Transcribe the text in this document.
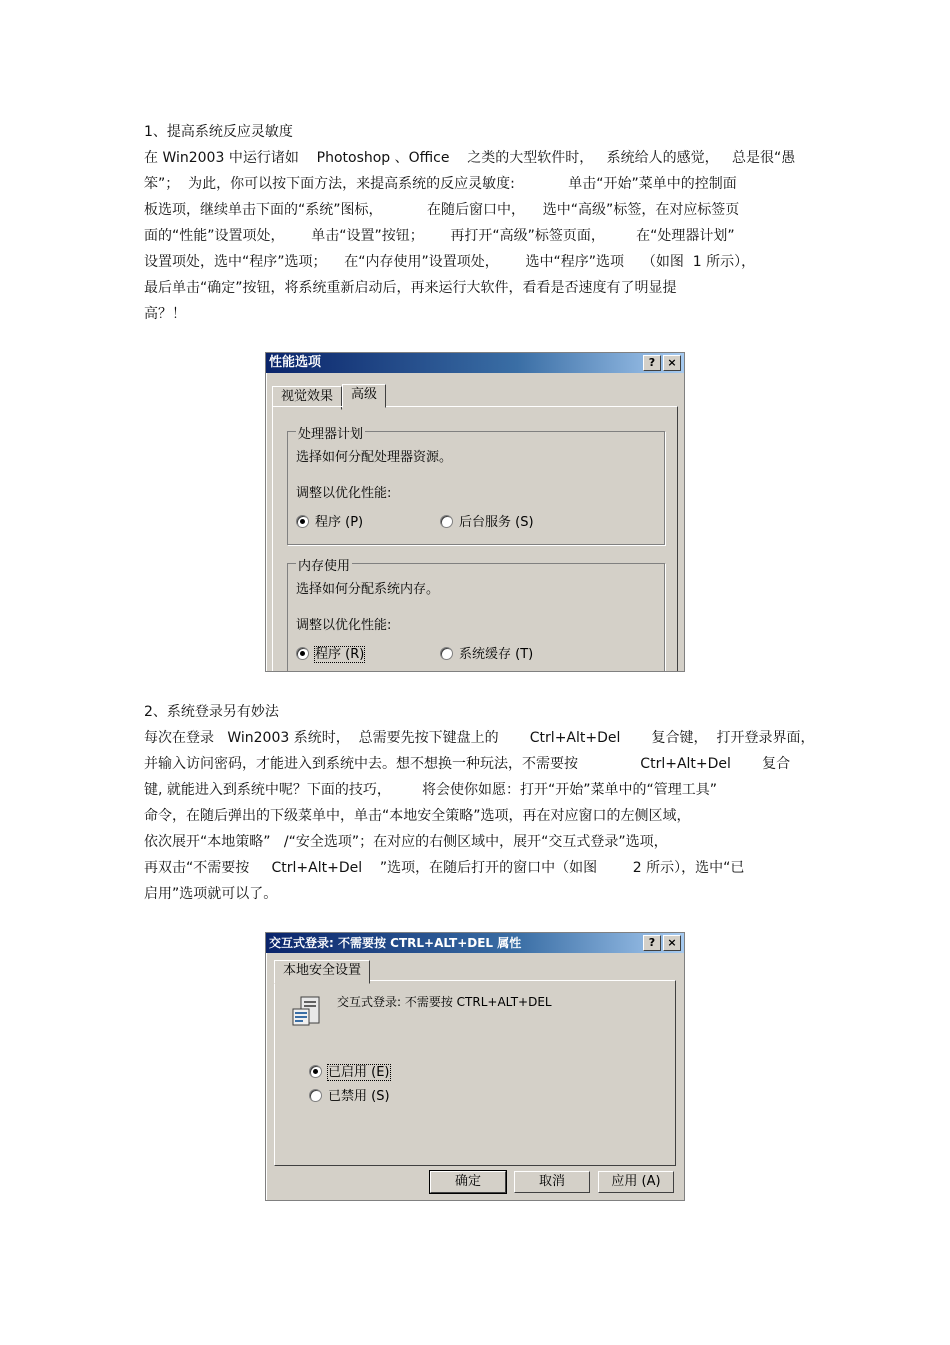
1、提高系统反应灵敏度
在 Win2003 中运行诸如    Photoshop 、Office    之类的大型软件时，   系统给人的感觉，   总是很“愚
笨”；  为此，你可以按下面方法，来提高系统的反应灵敏度:            单击“开始”菜单中的控制面
板选项，继续单击下面的“系统”图标，          在随后窗口中，    选中“高级”标签，在对应标签页
面的“性能”设置项处，      单击“设置”按钮；      再打开“高级”标签页面，       在“处理器计划”
设置项处，选中“程序”选项；    在“内存使用”设置项处，      选中“程序”选项    （如图  1 所示），
最后单击“确定”按钮，将系统重新启动后，再来运行大软件，看看是否速度有了明显提
高？！
性能选项	?	×
视觉效果	高级
处理器计划
选择如何分配处理器资源。
调整以优化性能:
程序 (P)	后台服务 (S)
内存使用
选择如何分配系统内存。
调整以优化性能:
程序 (R)	系统缓存 (T)
2、系统登录另有妙法
每次在登录   Win2003 系统时，  总需要先按下键盘上的       Ctrl+Alt+Del       复合键，  打开登录界面，
并输入访问密码，才能进入到系统中去。想不想换一种玩法，不需要按              Ctrl+Alt+Del       复合
键, 就能进入到系统中呢？下面的技巧，       将会使你如愿：打开“开始”菜单中的“管理工具”
命令，在随后弹出的下级菜单中，单击“本地安全策略”选项，再在对应窗口的左侧区域，
依次展开“本地策略”   /“安全选项”；在对应的右侧区域中，展开“交互式登录”选项，
再双击“不需要按     Ctrl+Alt+Del    ”选项，在随后打开的窗口中（如图        2 所示），选中“已
启用”选项就可以了。
交互式登录: 不需要按 CTRL+ALT+DEL 属性	?	×
本地安全设置
交互式登录: 不需要按 CTRL+ALT+DEL
已启用 (E)
已禁用 (S)
确定	取消	应用 (A)
